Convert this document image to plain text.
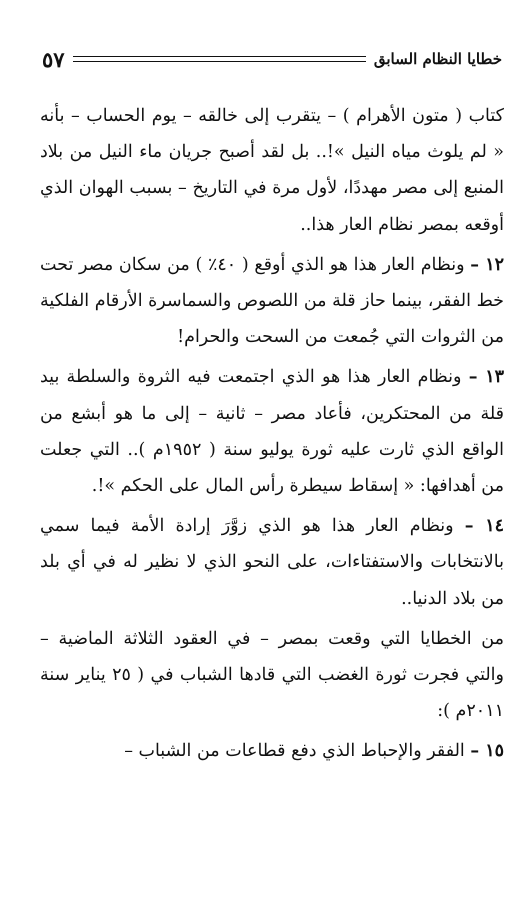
خطايا النظام السابق
٥٧

كتاب ( متون الأهرام ) – يتقرب إلى خالقه – يوم الحساب – بأنه « لم يلوث مياه النيل »!.. بل لقد أصبح جريان ماء النيل من بلاد المنبع إلى مصر مهددًا، لأول مرة في التاريخ – بسبب الهوان الذي أوقعه بمصر نظام العار هذا..

١٢ – ونظام العار هذا هو الذي أوقع ( ٤٠٪ ) من سكان مصر تحت خط الفقر، بينما حاز قلة من اللصوص والسماسرة الأرقام الفلكية من الثروات التي جُمعت من السحت والحرام!

١٣ – ونظام العار هذا هو الذي اجتمعت فيه الثروة والسلطة بيد قلة من المحتكرين، فأعاد مصر – ثانية – إلى ما هو أبشع من الواقع الذي ثارت عليه ثورة يوليو سنة ( ١٩٥٢م ).. التي جعلت من أهدافها: « إسقاط سيطرة رأس المال على الحكم »!.

١٤ – ونظام العار هذا هو الذي زوَّرَ إرادة الأمة فيما سمي بالانتخابات والاستفتاءات، على النحو الذي لا نظير له في أي بلد من بلاد الدنيا..

من الخطايا التي وقعت بمصر – في العقود الثلاثة الماضية – والتي فجرت ثورة الغضب التي قادها الشباب في ( ٢٥ يناير سنة ٢٠١١م ):

١٥ – الفقر والإحباط الذي دفع قطاعات من الشباب –
